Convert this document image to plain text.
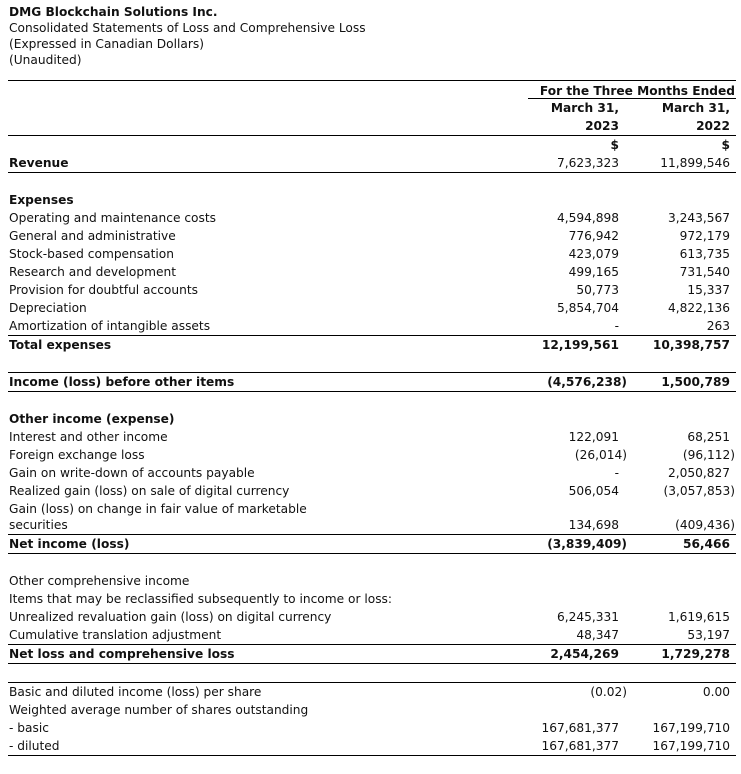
DMG Blockchain Solutions Inc.
Consolidated Statements of Loss and Comprehensive Loss
(Expressed in Canadian Dollars)
(Unaudited)
For the Three Months Ended
March 31,	March 31,
2023	2022
$	$
Revenue	7,623,323	11,899,546
Expenses
Operating and maintenance costs	4,594,898	3,243,567
General and administrative	776,942	972,179
Stock-based compensation	423,079	613,735
Research and development	499,165	731,540
Provision for doubtful accounts	50,773	15,337
Depreciation	5,854,704	4,822,136
Amortization of intangible assets	-	263
Total expenses	12,199,561	10,398,757
Income (loss) before other items	(4,576,238)	1,500,789
Other income (expense)
Interest and other income	122,091	68,251
Foreign exchange loss	(26,014)	(96,112)
Gain on write-down of accounts payable	-	2,050,827
Realized gain (loss) on sale of digital currency	506,054	(3,057,853)
Gain (loss) on change in fair value of marketable
securities	134,698	(409,436)
Net income (loss)	(3,839,409)	56,466
Other comprehensive income
Items that may be reclassified subsequently to income or loss:
Unrealized revaluation gain (loss) on digital currency	6,245,331	1,619,615
Cumulative translation adjustment	48,347	53,197
Net loss and comprehensive loss	2,454,269	1,729,278
Basic and diluted income (loss) per share	(0.02)	0.00
Weighted average number of shares outstanding
- basic	167,681,377	167,199,710
- diluted	167,681,377	167,199,710
